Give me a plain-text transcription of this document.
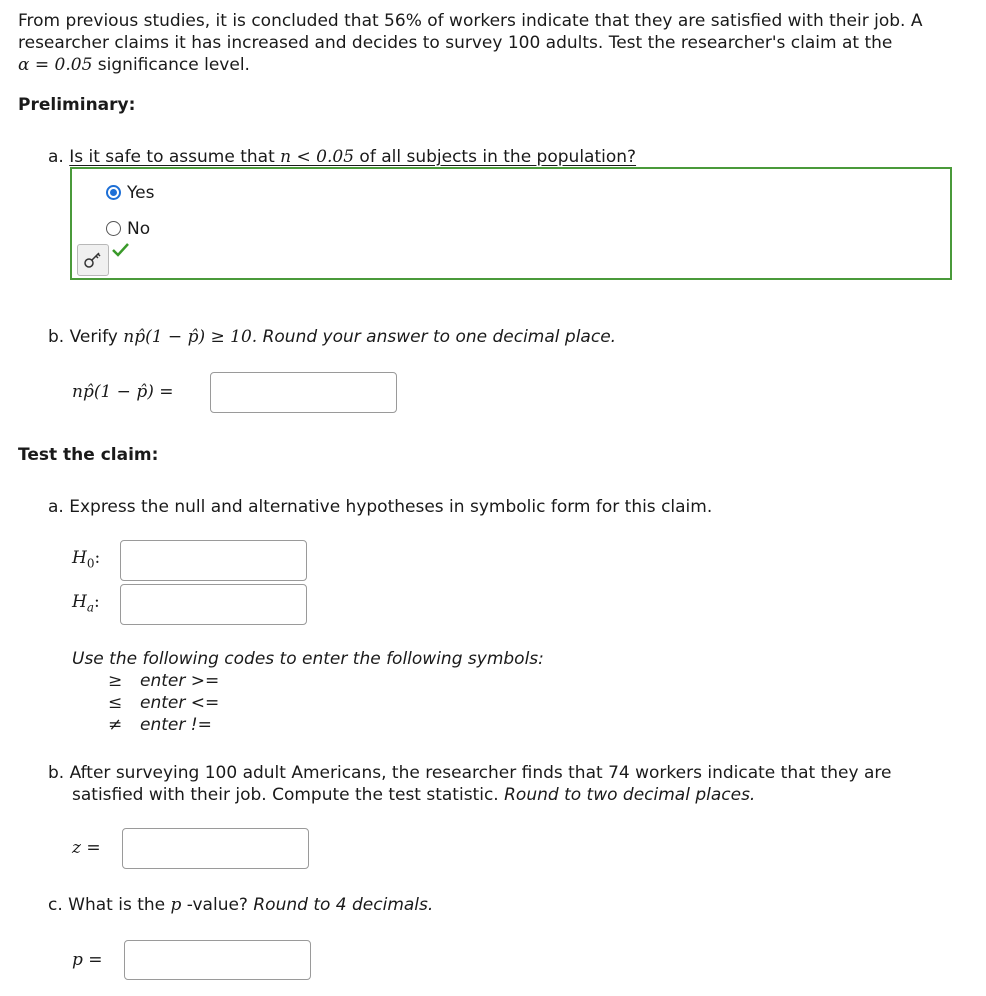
From previous studies, it is concluded that 56% of workers indicate that they are satisfied with their job. A
researcher claims it has increased and decides to survey 100 adults. Test the researcher's claim at the
α = 0.05 significance level.
Preliminary:
a. Is it safe to assume that n < 0.05 of all subjects in the population?
Yes
No
b. Verify np̂(1 − p̂) ≥ 10. Round your answer to one decimal place.
np̂(1 − p̂) =
Test the claim:
a. Express the null and alternative hypotheses in symbolic form for this claim.
$H_0$:
$H_a$:
Use the following codes to enter the following symbols:
≥ enter >=
≤ enter <=
≠ enter !=
b. After surveying 100 adult Americans, the researcher finds that 74 workers indicate that they are
satisfied with their job. Compute the test statistic. Round to two decimal places.
z =
c. What is the p -value? Round to 4 decimals.
p =
